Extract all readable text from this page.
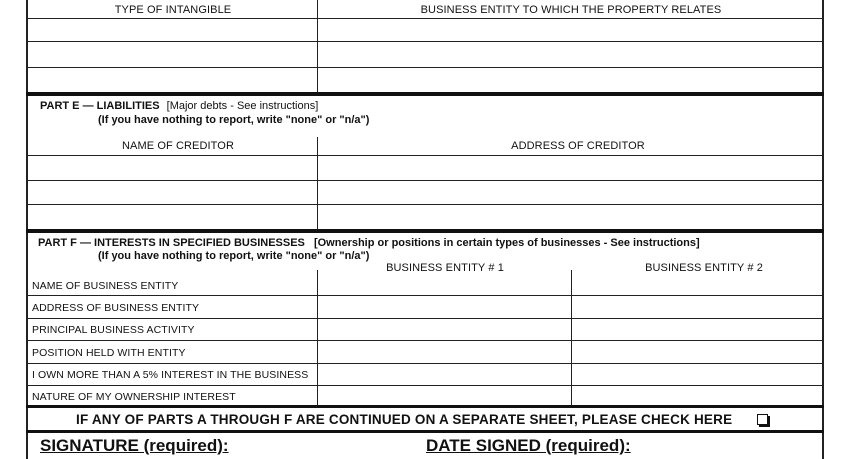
TYPE OF INTANGIBLE	BUSINESS ENTITY TO WHICH THE PROPERTY RELATES
PART E — LIABILITIES [Major debts - See instructions]
(If you have nothing to report, write "none" or "n/a")
NAME OF CREDITOR	ADDRESS OF CREDITOR
PART F — INTERESTS IN SPECIFIED BUSINESSES [Ownership or positions in certain types of businesses - See instructions]
(If you have nothing to report, write "none" or "n/a")
BUSINESS ENTITY # 1	BUSINESS ENTITY # 2
NAME OF BUSINESS ENTITY
ADDRESS OF BUSINESS ENTITY
PRINCIPAL BUSINESS ACTIVITY
POSITION HELD WITH ENTITY
I OWN MORE THAN A 5% INTEREST IN THE BUSINESS
NATURE OF MY OWNERSHIP INTEREST
IF ANY OF PARTS A THROUGH F ARE CONTINUED ON A SEPARATE SHEET, PLEASE CHECK HERE
SIGNATURE (required):	DATE SIGNED (required):
